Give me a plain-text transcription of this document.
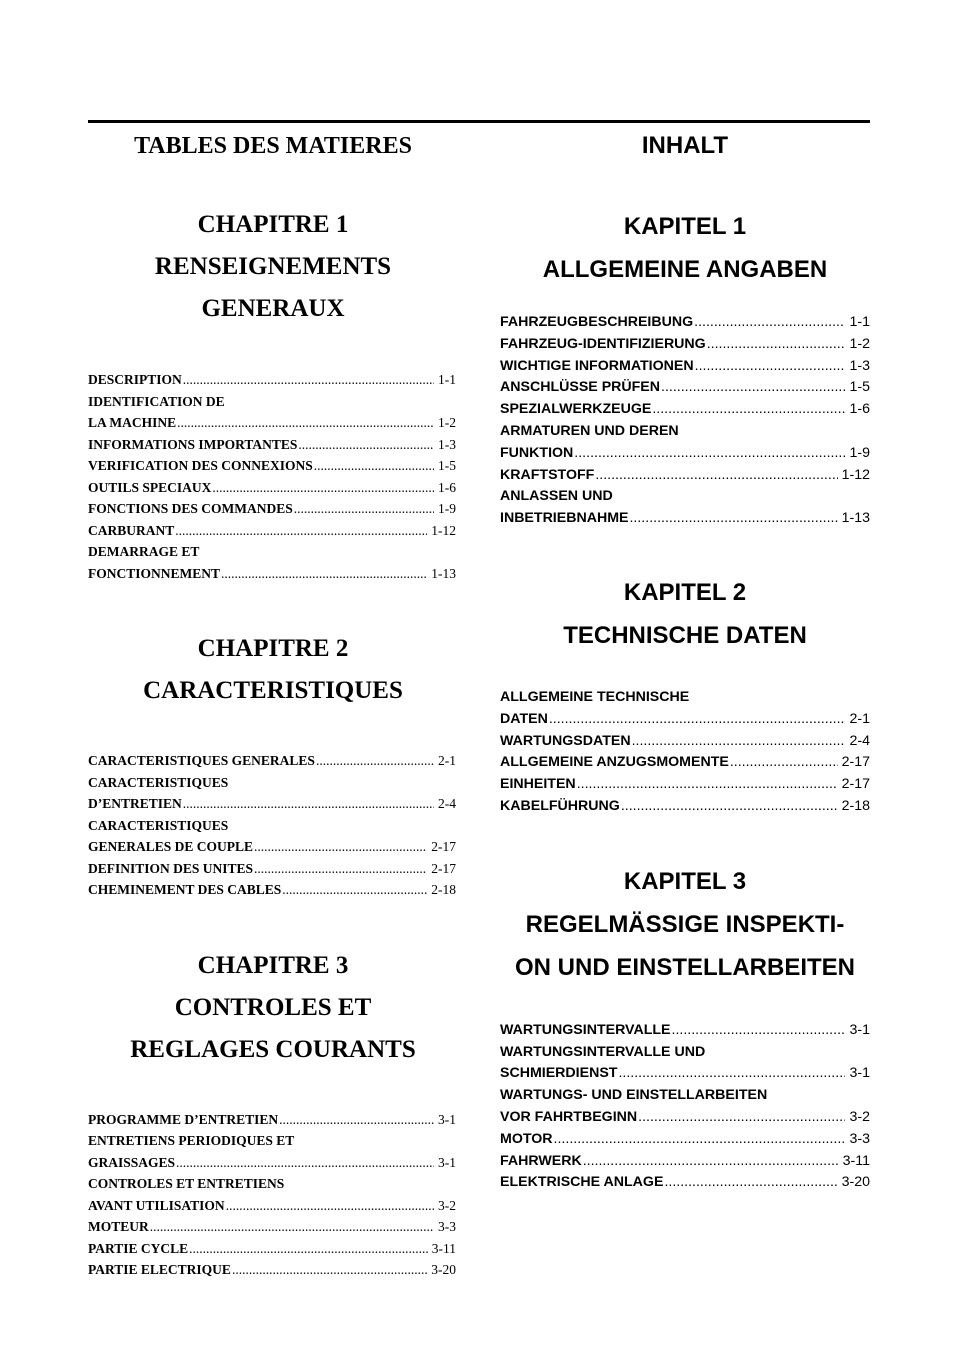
TABLES DES MATIERES
CHAPITRE 1
RENSEIGNEMENTS
GENERAUX
DESCRIPTION .....	1-1
IDENTIFICATION DE
LA MACHINE .....	1-2
INFORMATIONS IMPORTANTES .....	1-3
VERIFICATION DES CONNEXIONS .....	1-5
OUTILS SPECIAUX .....	1-6
FONCTIONS DES COMMANDES .....	1-9
CARBURANT .....	1-12
DEMARRAGE ET
FONCTIONNEMENT .....	1-13
CHAPITRE 2
CARACTERISTIQUES
CARACTERISTIQUES GENERALES .....	2-1
CARACTERISTIQUES
D’ENTRETIEN .....	2-4
CARACTERISTIQUES
GENERALES DE COUPLE .....	2-17
DEFINITION DES UNITES .....	2-17
CHEMINEMENT DES CABLES .....	2-18
CHAPITRE 3
CONTROLES ET
REGLAGES COURANTS
PROGRAMME D’ENTRETIEN .....	3-1
ENTRETIENS PERIODIQUES ET
GRAISSAGES .....	3-1
CONTROLES ET ENTRETIENS
AVANT UTILISATION .....	3-2
MOTEUR .....	3-3
PARTIE CYCLE .....	3-11
PARTIE ELECTRIQUE .....	3-20
INHALT
KAPITEL 1
ALLGEMEINE ANGABEN
FAHRZEUGBESCHREIBUNG .....	1-1
FAHRZEUG-IDENTIFIZIERUNG .....	1-2
WICHTIGE INFORMATIONEN .....	1-3
ANSCHLÜSSE PRÜFEN .....	1-5
SPEZIALWERKZEUGE .....	1-6
ARMATUREN UND DEREN
FUNKTION .....	1-9
KRAFTSTOFF .....	1-12
ANLASSEN UND
INBETRIEBNAHME .....	1-13
KAPITEL 2
TECHNISCHE DATEN
ALLGEMEINE TECHNISCHE
DATEN .....	2-1
WARTUNGSDATEN .....	2-4
ALLGEMEINE ANZUGSMOMENTE .....	2-17
EINHEITEN .....	2-17
KABELFÜHRUNG .....	2-18
KAPITEL 3
REGELMÄSSIGE INSPEKTI-
ON UND EINSTELLARBEITEN
WARTUNGSINTERVALLE .....	3-1
WARTUNGSINTERVALLE UND
SCHMIERDIENST .....	3-1
WARTUNGS- UND EINSTELLARBEITEN
VOR FAHRTBEGINN .....	3-2
MOTOR .....	3-3
FAHRWERK .....	3-11
ELEKTRISCHE ANLAGE .....	3-20
